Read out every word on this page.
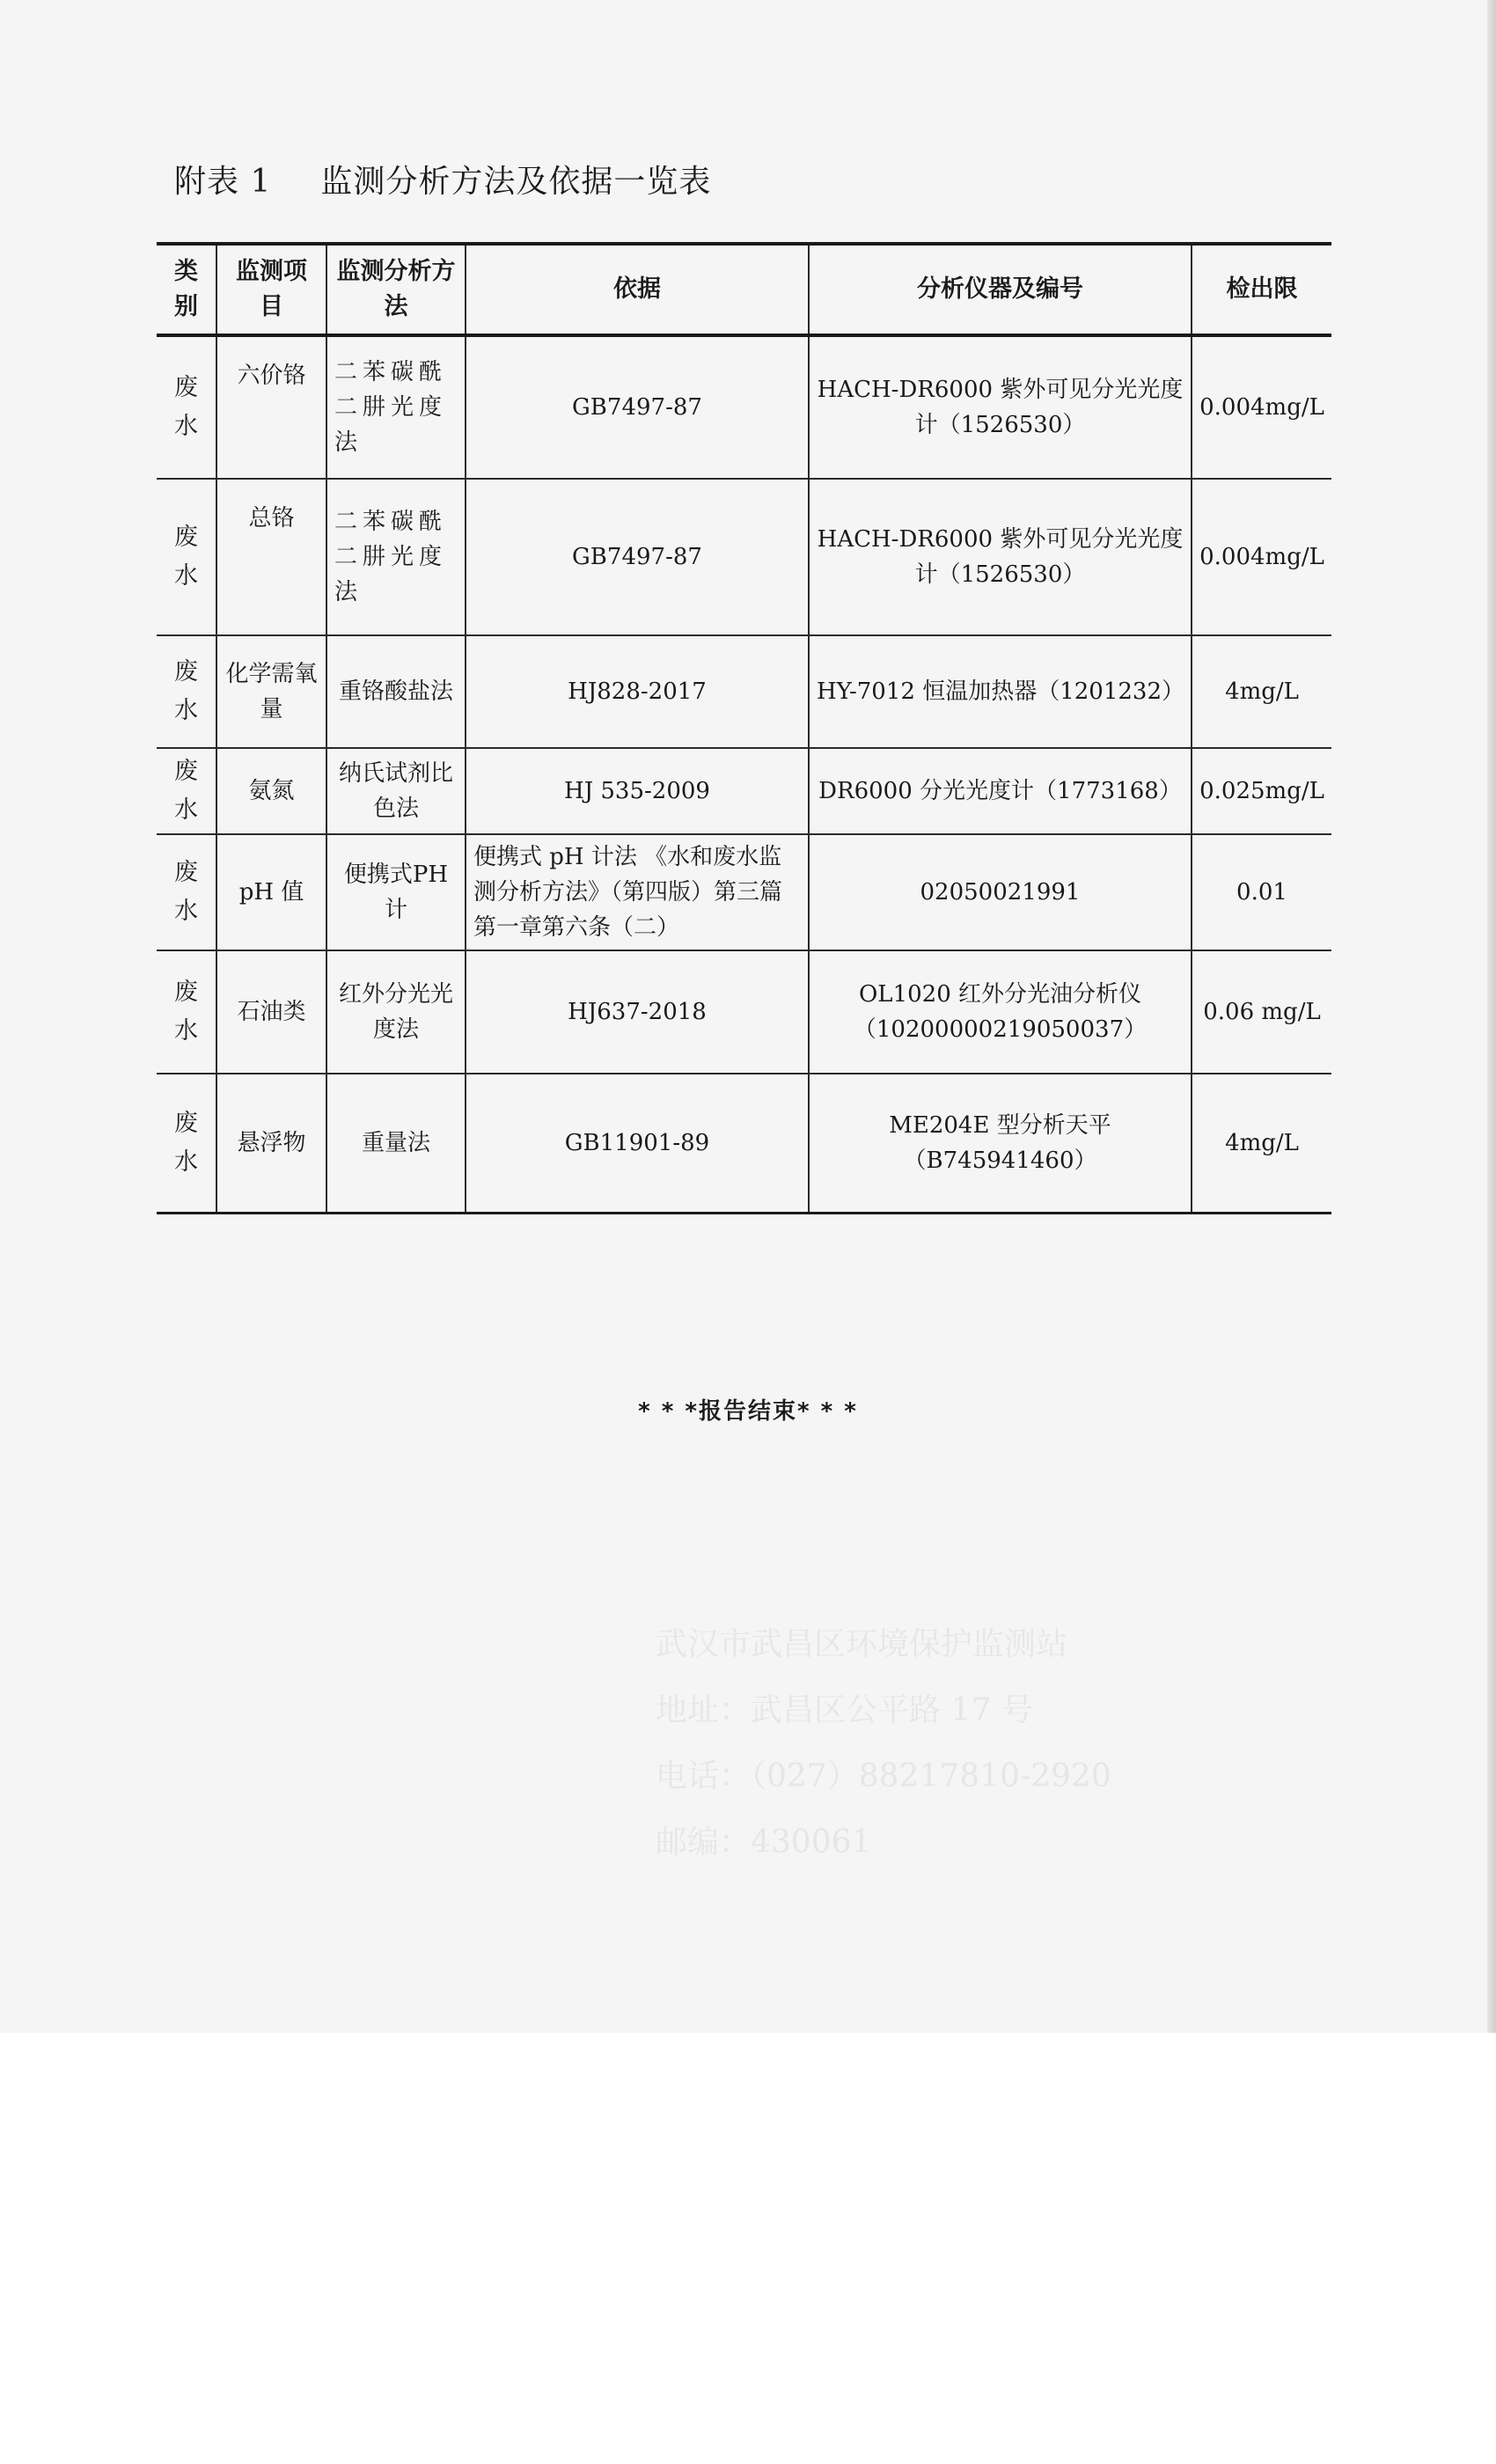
附表 1 监测分析方法及依据一览表
类别	监测项目	监测分析方法	依据	分析仪器及编号	检出限
废水	六价铬	二苯碳酰二肼光度法	GB7497-87	HACH-DR6000 紫外可见分光光度计（1526530）	0.004mg/L
废水	总铬	二苯碳酰二肼光度法	GB7497-87	HACH-DR6000 紫外可见分光光度计（1526530）	0.004mg/L
废水	化学需氧量	重铬酸盐法	HJ828-2017	HY-7012 恒温加热器（1201232）	4mg/L
废水	氨氮	纳氏试剂比色法	HJ 535-2009	DR6000 分光光度计（1773168）	0.025mg/L
废水	pH 值	便携式PH 计	便携式 pH 计法 《水和废水监测分析方法》（第四版）第三篇第一章第六条（二）	02050021991	0.01
废水	石油类	红外分光光度法	HJ637-2018	OL1020 红外分光油分析仪（10200000219050037）	0.06 mg/L
废水	悬浮物	重量法	GB11901-89	ME204E 型分析天平（B745941460）	4mg/L
* * *报告结束* * *
武汉市武昌区环境保护监测站
地址：武昌区公平路 17 号
电话：（027）88217810-2920
邮编：430061
